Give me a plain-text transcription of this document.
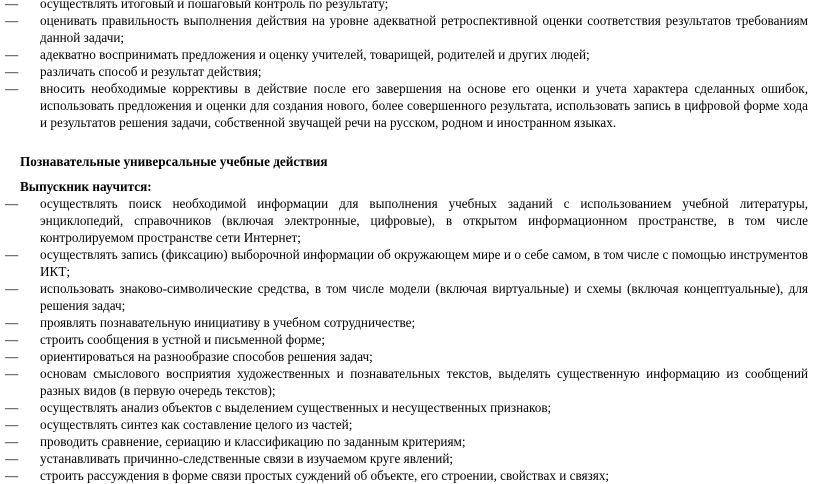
— осуществлять итоговый и пошаговый контроль по результату;
— оценивать правильность выполнения действия на уровне адекватной ретроспективной оценки соответствия результатов требованиям данной задачи;
— адекватно воспринимать предложения и оценку учителей, товарищей, родителей и других людей;
— различать способ и результат действия;
— вносить необходимые коррективы в действие после его завершения на основе его оценки и учета характера сделанных ошибок, использовать предложения и оценки для создания нового, более совершенного результата, использовать запись в цифровой форме хода и результатов решения задачи, собственной звучащей речи на русском, родном и иностранном языках.
Познавательные универсальные учебные действия
Выпускник научится:
— осуществлять поиск необходимой информации для выполнения учебных заданий с использованием учебной литературы, энциклопедий, справочников (включая электронные, цифровые), в открытом информационном пространстве, в том числе контролируемом пространстве сети Интернет;
— осуществлять запись (фиксацию) выборочной информации об окружающем мире и о себе самом, в том числе с помощью инструментов ИКТ;
— использовать знаково-символические средства, в том числе модели (включая виртуальные) и схемы (включая концептуальные), для решения задач;
— проявлять познавательную инициативу в учебном сотрудничестве;
— строить сообщения в устной и письменной форме;
— ориентироваться на разнообразие способов решения задач;
— основам смыслового восприятия художественных и познавательных текстов, выделять существенную информацию из сообщений разных видов (в первую очередь текстов);
— осуществлять анализ объектов с выделением существенных и несущественных признаков;
— осуществлять синтез как составление целого из частей;
— проводить сравнение, сериацию и классификацию по заданным критериям;
— устанавливать причинно-следственные связи в изучаемом круге явлений;
— строить рассуждения в форме связи простых суждений об объекте, его строении, свойствах и связях;
